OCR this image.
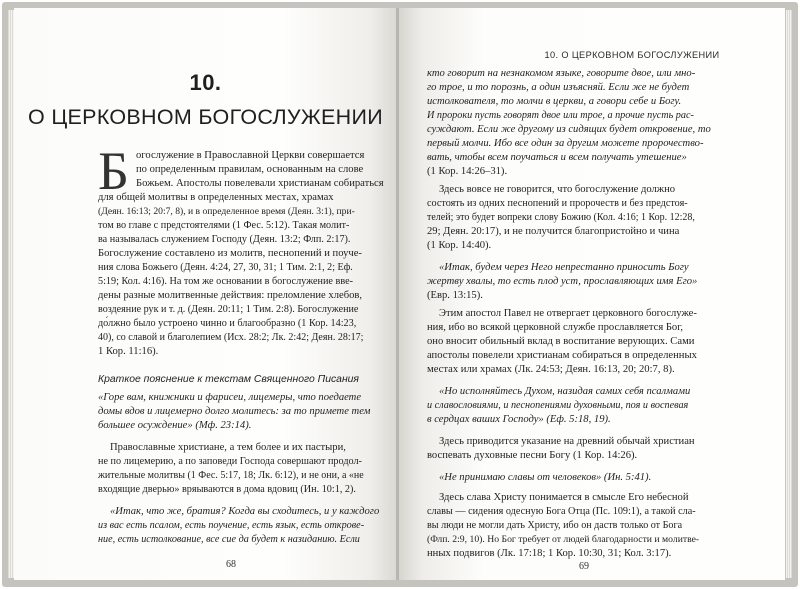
10.
О ЦЕРКОВНОМ БОГОСЛУЖЕНИИ
Б огослужение в Православной Церкви совершается
по определенным правилам, основанным на слове
Божьем. Апостолы повелевали христианам собираться
для общей молитвы в определенных местах, храмах
(Деян. 16:13; 20:7, 8), и в определенное время (Деян. 3:1), при-
том во главе с предстоятелями (1 Фес. 5:12). Такая молит-
ва называлась служением Господу (Деян. 13:2; Флп. 2:17).
Богослужение составлено из молитв, песнопений и поуче-
ния слова Божьего (Деян. 4:24, 27, 30, 31; 1 Тим. 2:1, 2; Еф.
5:19; Кол. 4:16). На том же основании в богослужение вве-
дены разные молитвенные действия: преломление хлебов,
воздеяние рук и т. д. (Деян. 20:11; 1 Тим. 2:8). Богослужение
до́лжно было устроено чинно и благообразно (1 Кор. 14:23,
40), со славой и благолепием (Исх. 28:2; Лк. 2:42; Деян. 28:17;
1 Кор. 11:16).
Краткое пояснение к текстам Священного Писания
«Горе вам, книжники и фарисеи, лицемеры, что поедаете
домы вдов и лицемерно долго молитесь: за то примете тем
большее осуждение» (Мф. 23:14).
Православные христиане, а тем более и их пастыри,
не по лицемерию, а по заповеди Господа совершают продол-
жительные молитвы (1 Фес. 5:17, 18; Лк. 6:12), и не они, а «не
входящие дверью» вряываются в дома вдовиц (Ин. 10:1, 2).
«Итак, что же, братия? Когда вы сходитесь, и у каждого
из вас есть псалом, есть поучение, есть язык, есть открове-
ние, есть истолкование, все сие да будет к назиданию. Если
68
10. О ЦЕРКОВНОМ БОГОСЛУЖЕНИИ
кто говорит на незнакомом языке, говорите двое, или мно-
го трое, и то порознь, а один изъясняй. Если же не будет
истолкователя, то молчи в церкви, а говори себе и Богу.
И пророки пусть говорят двое или трое, а прочие пусть рас-
суждают. Если же другому из сидящих будет откровение, то
первый молчи. Ибо все один за другим можете пророчество-
вать, чтобы всем поучаться и всем получать утешение»
(1 Кор. 14:26–31).
Здесь вовсе не говорится, что богослужение должно
состоять из одних песнопений и пророчеств и без предстоя-
телей; это будет вопреки слову Божию (Кол. 4:16; 1 Кор. 12:28,
29; Деян. 20:17), и не получится благопристойно и чина
(1 Кор. 14:40).
«Итак, будем через Него непрестанно приносить Богу
жертву хвалы, то есть плод уст, прославляющих имя Его»
(Евр. 13:15).
Этим апостол Павел не отвергает церковного богослуже-
ния, ибо во всякой церковной службе прославляется Бог,
оно вносит обильный вклад в воспитание верующих. Сами
апостолы повелели христианам собираться в определенных
местах или храмах (Лк. 24:53; Деян. 16:13, 20; 20:7, 8).
«Но исполняйтесь Духом, назидая самих себя псалмами
и славословиями, и песнопениями духовными, поя и воспевая
в сердцах ваших Господу» (Еф. 5:18, 19).
Здесь приводится указание на древний обычай христиан
воспевать духовные песни Богу (1 Кор. 14:26).
«Не принимаю славы от человеков» (Ин. 5:41).
Здесь слава Христу понимается в смысле Его небесной
славы — сидения одесную Бога Отца (Пс. 109:1), а такой сла-
вы люди не могли дать Христу, ибо он даств только от Бога
(Флп. 2:9, 10). Но Бог требует от людей благодарности и молитве-
нных подвигов (Лк. 17:18; 1 Кор. 10:30, 31; Кол. 3:17).
69
